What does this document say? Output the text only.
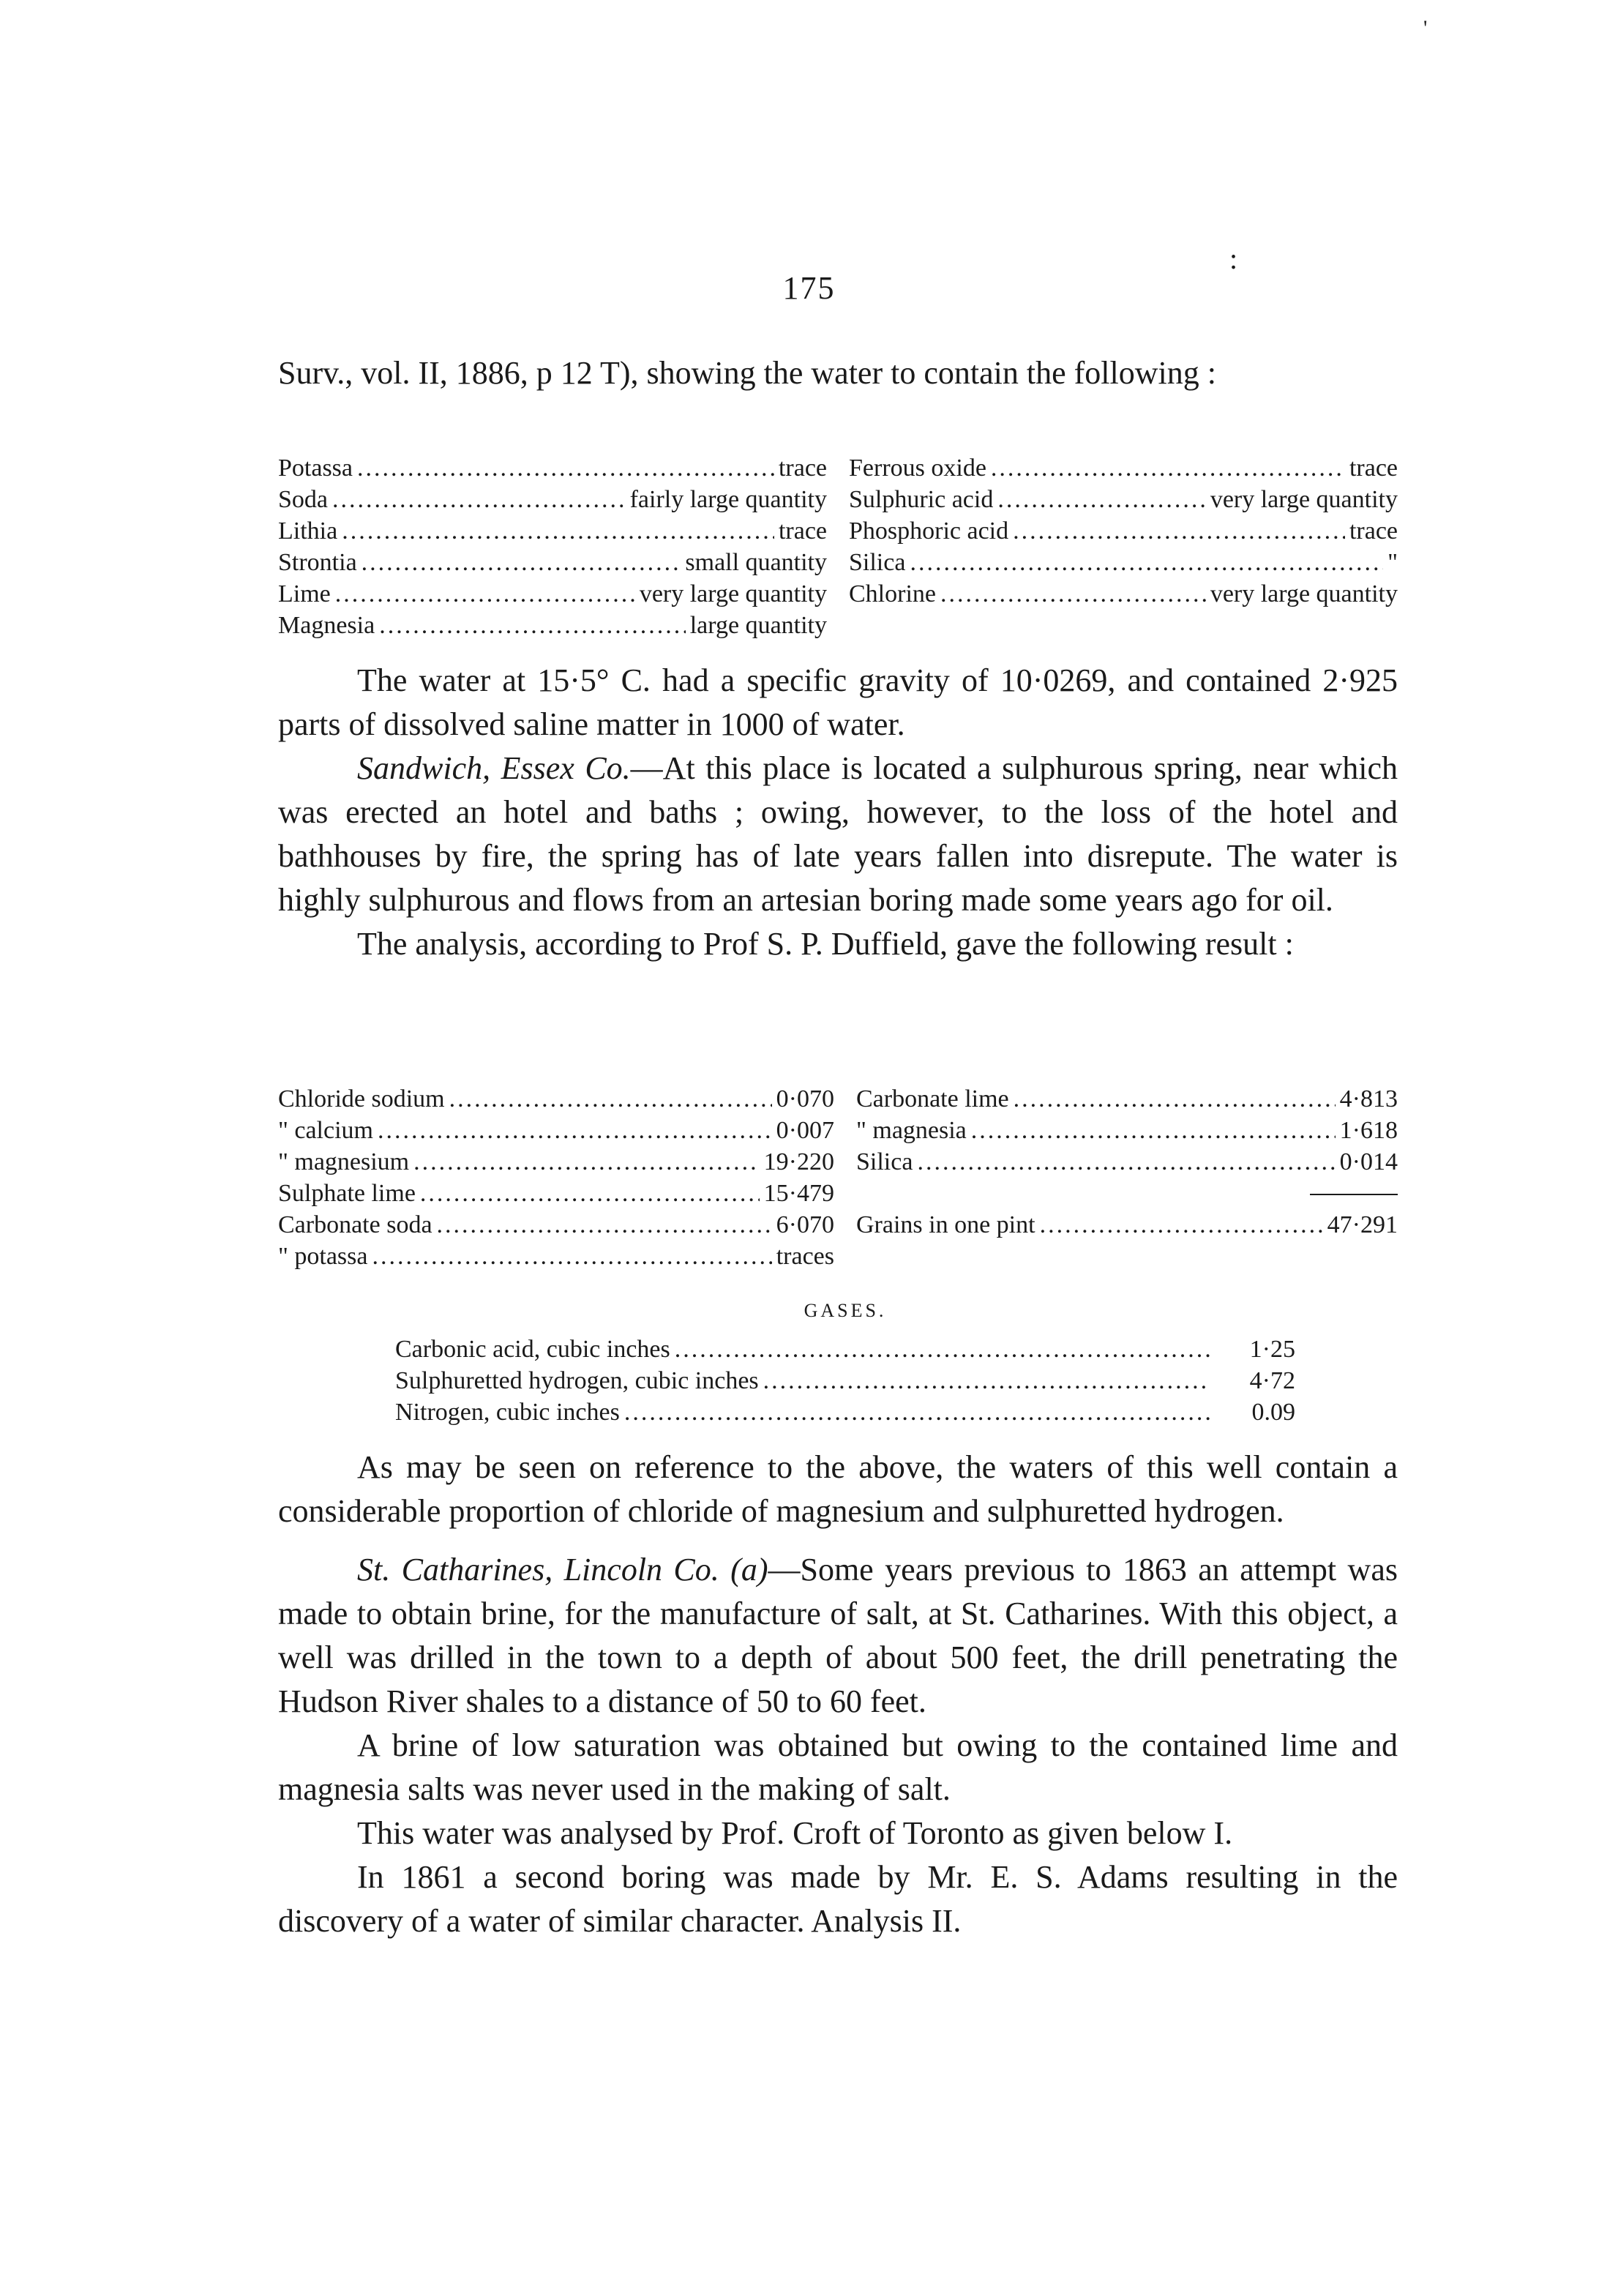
'
:
175

Surv., vol. II, 1886, p 12 T), showing the water to contain the following :

Potassa .....	trace
Soda .....	fairly large quantity
Lithia .....	trace
Strontia .....	small quantity
Lime .....	very large quantity
Magnesia .....	large quantity
Ferrous oxide .....	trace
Sulphuric acid .....	very large quantity
Phosphoric acid .....	trace
Silica .....	"
Chlorine .....	very large quantity

The water at 15·5° C. had a specific gravity of 10·0269, and contained 2·925 parts of dissolved saline matter in 1000 of water.

Sandwich, Essex Co.—At this place is located a sulphurous spring, near which was erected an hotel and baths ; owing, however, to the loss of the hotel and bathhouses by fire, the spring has of late years fallen into disrepute. The water is highly sulphurous and flows from an artesian boring made some years ago for oil.

The analysis, according to Prof S. P. Duffield, gave the following result :

Chloride sodium .....	0·070
" calcium .....	0·007
" magnesium .....	19·220
Sulphate lime .....	15·479
Carbonate soda .....	6·070
" potassa .....	traces
Carbonate lime .....	4·813
" magnesia .....	1·618
Silica .....	0·014
Grains in one pint .....	47·291
GASES.
Carbonic acid, cubic inches .....	1·25
Sulphuretted hydrogen, cubic inches .....	4·72
Nitrogen, cubic inches .....	0.09

As may be seen on reference to the above, the waters of this well contain a considerable proportion of chloride of magnesium and sulphuretted hydrogen.

St. Catharines, Lincoln Co. (a)—Some years previous to 1863 an attempt was made to obtain brine, for the manufacture of salt, at St. Catharines. With this object, a well was drilled in the town to a depth of about 500 feet, the drill penetrating the Hudson River shales to a distance of 50 to 60 feet.

A brine of low saturation was obtained but owing to the contained lime and magnesia salts was never used in the making of salt.

This water was analysed by Prof. Croft of Toronto as given below I.

In 1861 a second boring was made by Mr. E. S. Adams resulting in the discovery of a water of similar character. Analysis II.
